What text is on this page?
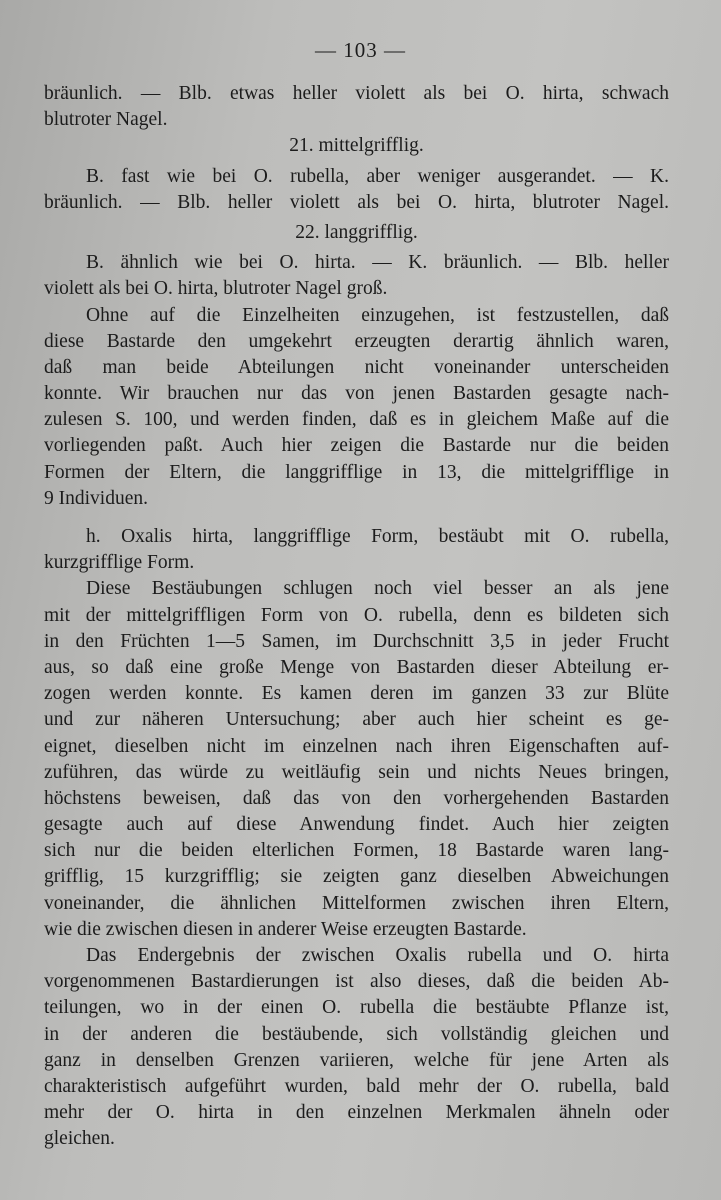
— 103 —
bräunlich. — Blb. etwas heller violett als bei O. hirta, schwach
blutroter Nagel.
21. mittelgrifflig.
B. fast wie bei O. rubella, aber weniger ausgerandet. — K.
bräunlich. — Blb. heller violett als bei O. hirta, blutroter Nagel.
22. langgrifflig.
B. ähnlich wie bei O. hirta. — K. bräunlich. — Blb. heller
violett als bei O. hirta, blutroter Nagel groß.
Ohne auf die Einzelheiten einzugehen, ist festzustellen, daß
diese Bastarde den umgekehrt erzeugten derartig ähnlich waren,
daß man beide Abteilungen nicht voneinander unterscheiden
konnte. Wir brauchen nur das von jenen Bastarden gesagte nach-
zulesen S. 100, und werden finden, daß es in gleichem Maße auf die
vorliegenden paßt. Auch hier zeigen die Bastarde nur die beiden
Formen der Eltern, die langgrifflige in 13, die mittelgrifflige in
9 Individuen.
h. Oxalis hirta, langgrifflige Form, bestäubt mit O. rubella,
kurzgrifflige Form.
Diese Bestäubungen schlugen noch viel besser an als jene
mit der mittelgriffligen Form von O. rubella, denn es bildeten sich
in den Früchten 1—5 Samen, im Durchschnitt 3,5 in jeder Frucht
aus, so daß eine große Menge von Bastarden dieser Abteilung er-
zogen werden konnte. Es kamen deren im ganzen 33 zur Blüte
und zur näheren Untersuchung; aber auch hier scheint es ge-
eignet, dieselben nicht im einzelnen nach ihren Eigenschaften auf-
zuführen, das würde zu weitläufig sein und nichts Neues bringen,
höchstens beweisen, daß das von den vorhergehenden Bastarden
gesagte auch auf diese Anwendung findet. Auch hier zeigten
sich nur die beiden elterlichen Formen, 18 Bastarde waren lang-
grifflig, 15 kurzgrifflig; sie zeigten ganz dieselben Abweichungen
voneinander, die ähnlichen Mittelformen zwischen ihren Eltern,
wie die zwischen diesen in anderer Weise erzeugten Bastarde.
Das Endergebnis der zwischen Oxalis rubella und O. hirta
vorgenommenen Bastardierungen ist also dieses, daß die beiden Ab-
teilungen, wo in der einen O. rubella die bestäubte Pflanze ist,
in der anderen die bestäubende, sich vollständig gleichen und
ganz in denselben Grenzen variieren, welche für jene Arten als
charakteristisch aufgeführt wurden, bald mehr der O. rubella, bald
mehr der O. hirta in den einzelnen Merkmalen ähneln oder
gleichen.
